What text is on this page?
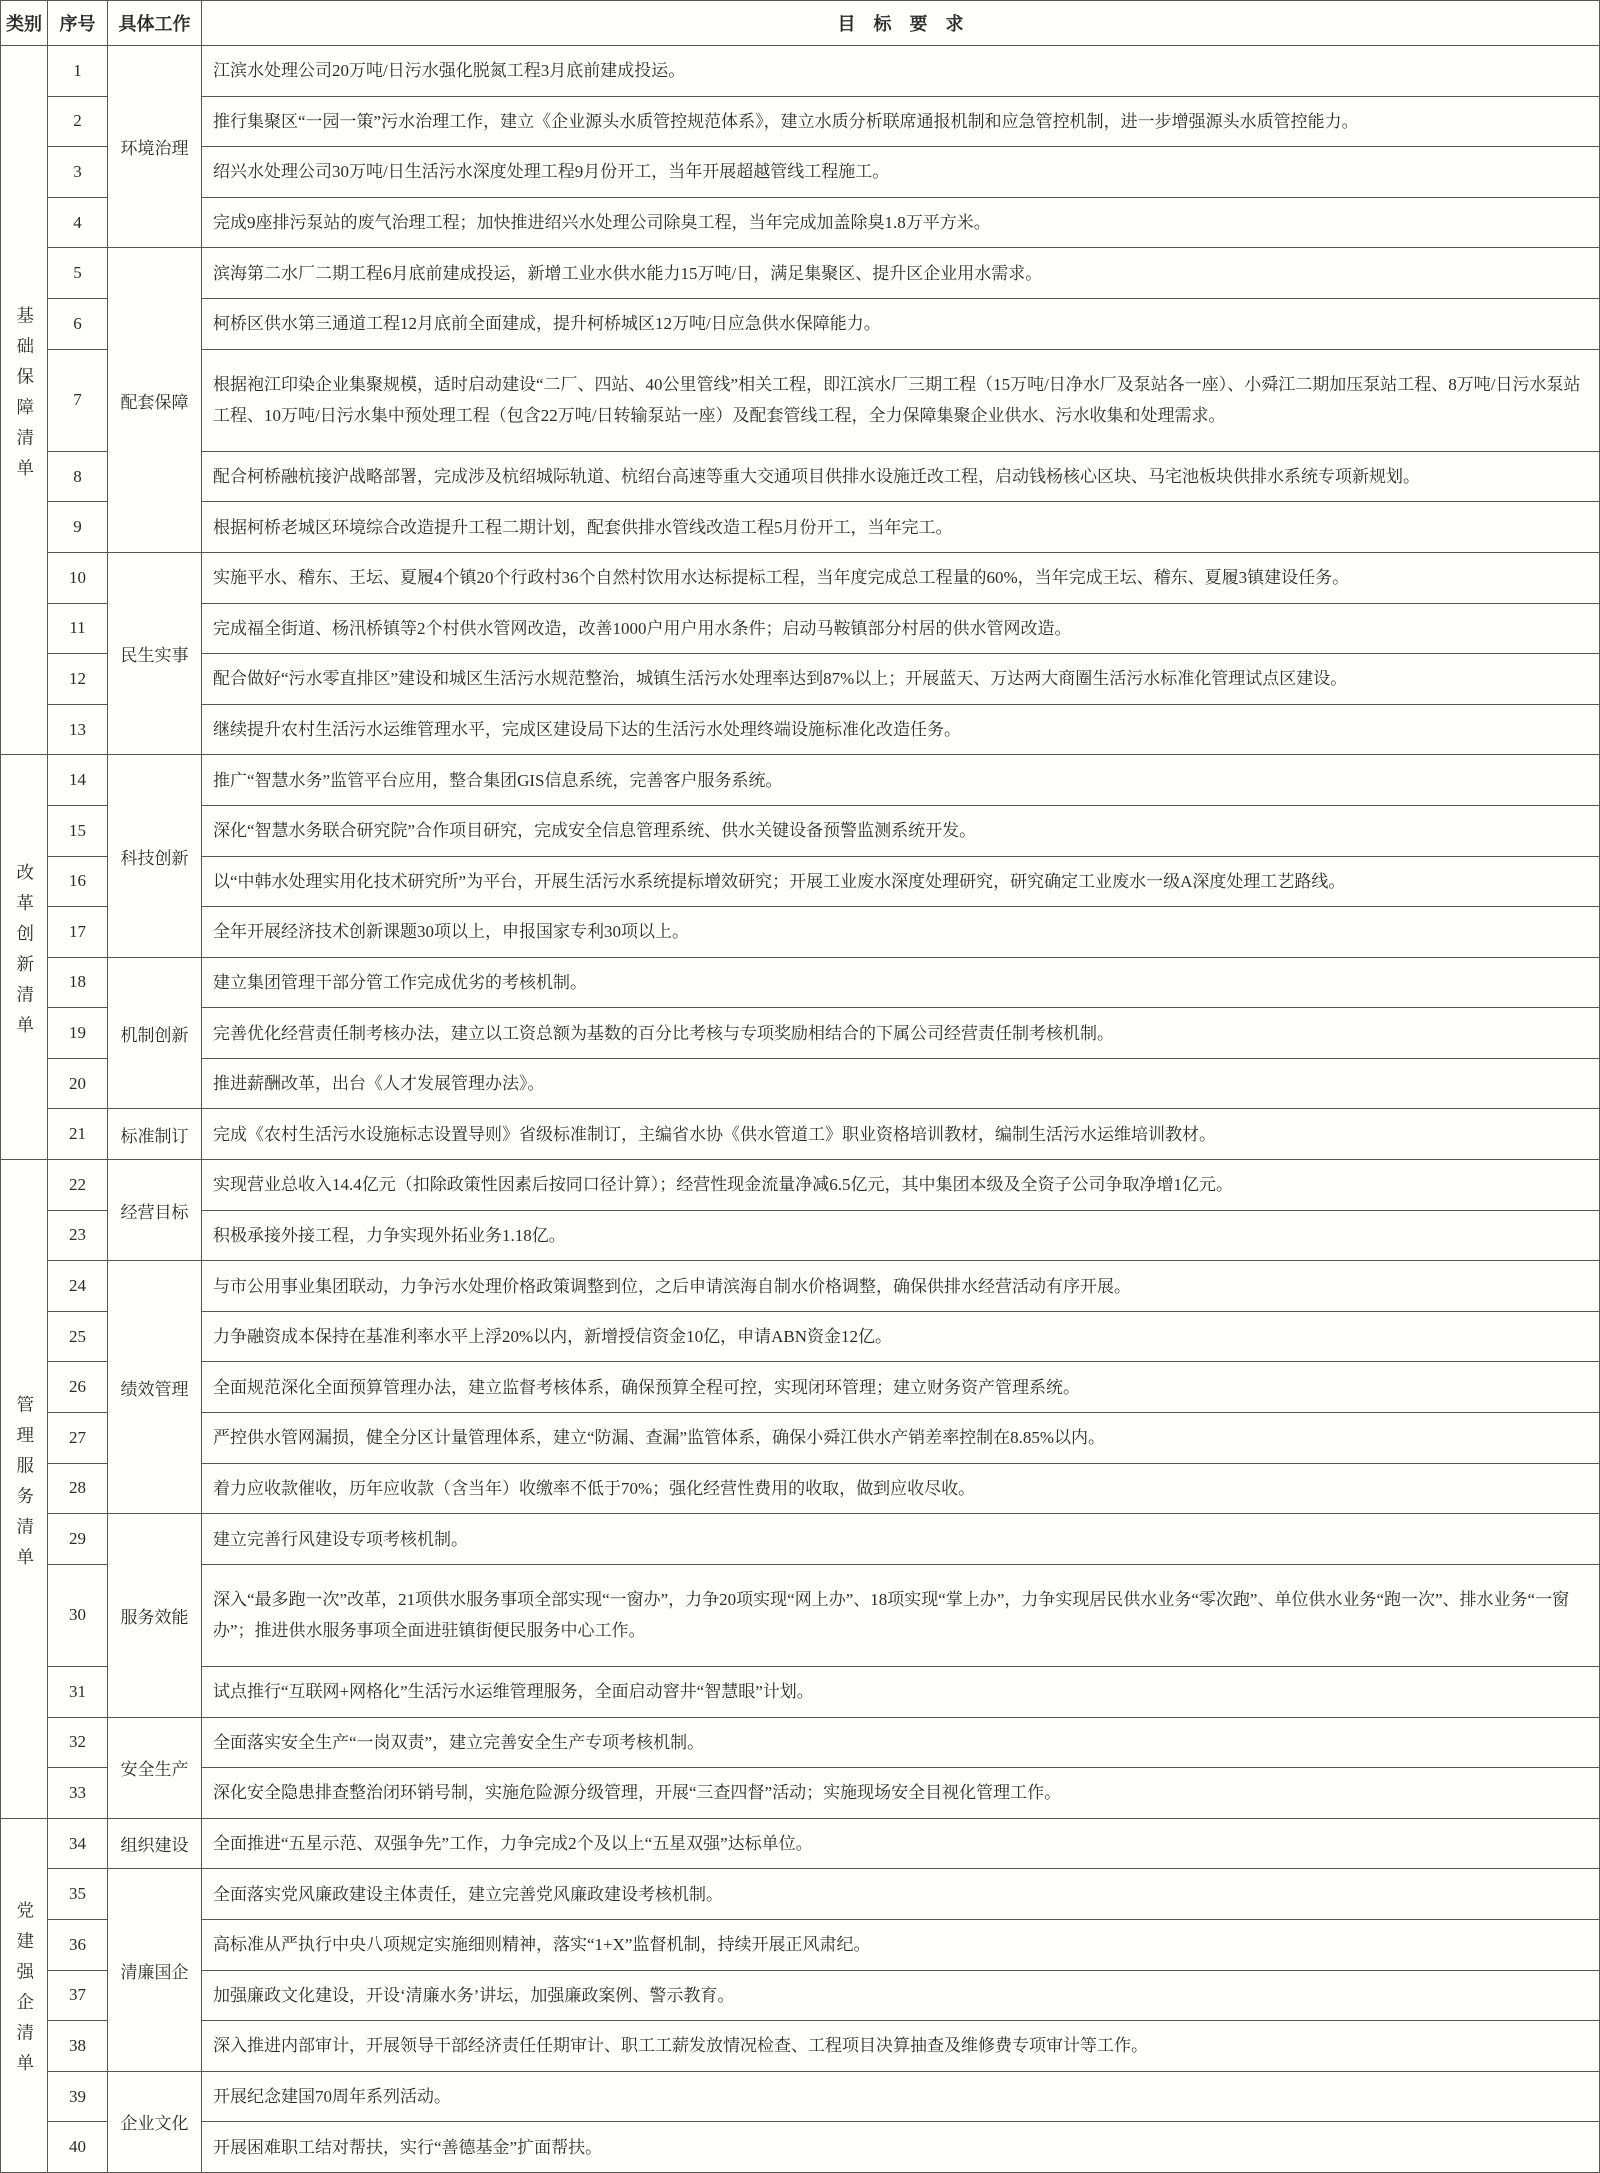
类别	序号	具体工作	目　标　要　求
基础保障清单	1	环境治理	江滨水处理公司20万吨/日污水强化脱氮工程3月底前建成投运。
	2		推行集聚区“一园一策”污水治理工作，建立《企业源头水质管控规范体系》，建立水质分析联席通报机制和应急管控机制，进一步增强源头水质管控能力。
	3		绍兴水处理公司30万吨/日生活污水深度处理工程9月份开工，当年开展超越管线工程施工。
	4		完成9座排污泵站的废气治理工程；加快推进绍兴水处理公司除臭工程，当年完成加盖除臭1.8万平方米。
	5	配套保障	滨海第二水厂二期工程6月底前建成投运，新增工业水供水能力15万吨/日，满足集聚区、提升区企业用水需求。
	6		柯桥区供水第三通道工程12月底前全面建成，提升柯桥城区12万吨/日应急供水保障能力。
	7		根据袍江印染企业集聚规模，适时启动建设“二厂、四站、40公里管线”相关工程，即江滨水厂三期工程（15万吨/日净水厂及泵站各一座）、小舜江二期加压泵站工程、8万吨/日污水泵站工程、10万吨/日污水集中预处理工程（包含22万吨/日转输泵站一座）及配套管线工程，全力保障集聚企业供水、污水收集和处理需求。
	8		配合柯桥融杭接沪战略部署，完成涉及杭绍城际轨道、杭绍台高速等重大交通项目供排水设施迁改工程，启动钱杨核心区块、马宅池板块供排水系统专项新规划。
	9		根据柯桥老城区环境综合改造提升工程二期计划，配套供排水管线改造工程5月份开工，当年完工。
	10	民生实事	实施平水、稽东、王坛、夏履4个镇20个行政村36个自然村饮用水达标提标工程，当年度完成总工程量的60%，当年完成王坛、稽东、夏履3镇建设任务。
	11		完成福全街道、杨汛桥镇等2个村供水管网改造，改善1000户用户用水条件；启动马鞍镇部分村居的供水管网改造。
	12		配合做好“污水零直排区”建设和城区生活污水规范整治，城镇生活污水处理率达到87%以上；开展蓝天、万达两大商圈生活污水标准化管理试点区建设。
	13		继续提升农村生活污水运维管理水平，完成区建设局下达的生活污水处理终端设施标准化改造任务。
改革创新清单	14	科技创新	推广“智慧水务”监管平台应用，整合集团GIS信息系统，完善客户服务系统。
	15		深化“智慧水务联合研究院”合作项目研究，完成安全信息管理系统、供水关键设备预警监测系统开发。
	16		以“中韩水处理实用化技术研究所”为平台，开展生活污水系统提标增效研究；开展工业废水深度处理研究，研究确定工业废水一级A深度处理工艺路线。
	17		全年开展经济技术创新课题30项以上，申报国家专利30项以上。
	18	机制创新	建立集团管理干部分管工作完成优劣的考核机制。
	19		完善优化经营责任制考核办法，建立以工资总额为基数的百分比考核与专项奖励相结合的下属公司经营责任制考核机制。
	20		推进薪酬改革，出台《人才发展管理办法》。
	21	标准制订	完成《农村生活污水设施标志设置导则》省级标准制订，主编省水协《供水管道工》职业资格培训教材，编制生活污水运维培训教材。
管理服务清单	22	经营目标	实现营业总收入14.4亿元（扣除政策性因素后按同口径计算）；经营性现金流量净减6.5亿元，其中集团本级及全资子公司争取净增1亿元。
	23		积极承接外接工程，力争实现外拓业务1.18亿。
	24	绩效管理	与市公用事业集团联动，力争污水处理价格政策调整到位，之后申请滨海自制水价格调整，确保供排水经营活动有序开展。
	25		力争融资成本保持在基准利率水平上浮20%以内，新增授信资金10亿，申请ABN资金12亿。
	26		全面规范深化全面预算管理办法，建立监督考核体系，确保预算全程可控，实现闭环管理；建立财务资产管理系统。
	27		严控供水管网漏损，健全分区计量管理体系，建立“防漏、查漏”监管体系，确保小舜江供水产销差率控制在8.85%以内。
	28		着力应收款催收，历年应收款（含当年）收缴率不低于70%；强化经营性费用的收取，做到应收尽收。
	29	服务效能	建立完善行风建设专项考核机制。
	30		深入“最多跑一次”改革，21项供水服务事项全部实现“一窗办”，力争20项实现“网上办”、18项实现“掌上办”，力争实现居民供水业务“零次跑”、单位供水业务“跑一次”、排水业务“一窗办”；推进供水服务事项全面进驻镇街便民服务中心工作。
	31		试点推行“互联网+网格化”生活污水运维管理服务，全面启动窨井“智慧眼”计划。
	32	安全生产	全面落实安全生产“一岗双责”，建立完善安全生产专项考核机制。
	33		深化安全隐患排查整治闭环销号制，实施危险源分级管理，开展“三查四督”活动；实施现场安全目视化管理工作。
党建强企清单	34	组织建设	全面推进“五星示范、双强争先”工作，力争完成2个及以上“五星双强”达标单位。
	35	清廉国企	全面落实党风廉政建设主体责任，建立完善党风廉政建设考核机制。
	36		高标准从严执行中央八项规定实施细则精神，落实“1+X”监督机制，持续开展正风肃纪。
	37		加强廉政文化建设，开设‘清廉水务’讲坛，加强廉政案例、警示教育。
	38		深入推进内部审计，开展领导干部经济责任任期审计、职工工薪发放情况检查、工程项目决算抽查及维修费专项审计等工作。
	39	企业文化	开展纪念建国70周年系列活动。
	40		开展困难职工结对帮扶，实行“善德基金”扩面帮扶。
